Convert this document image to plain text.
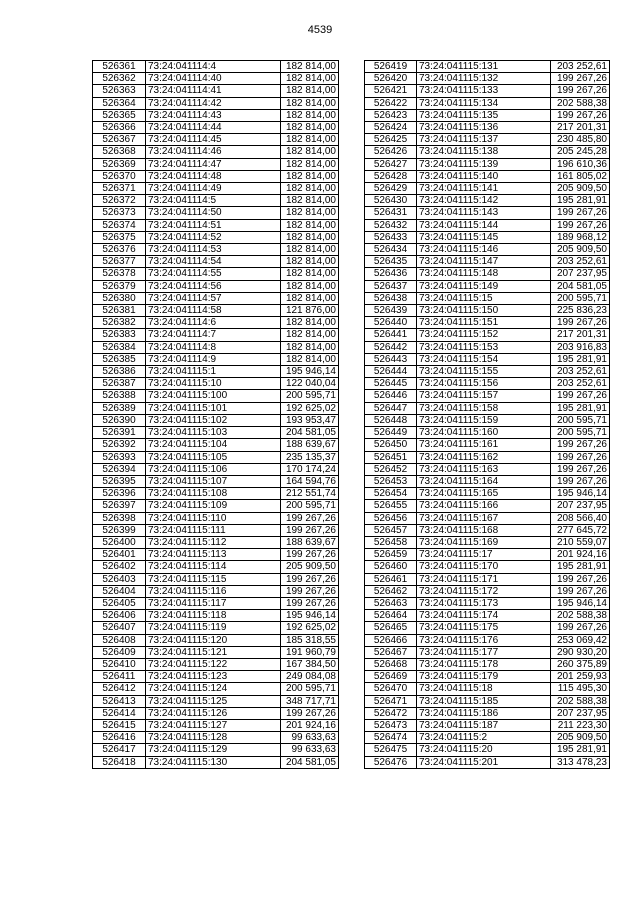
4539
526361	73:24:041114:4	182 814,00
526362	73:24:041114:40	182 814,00
526363	73:24:041114:41	182 814,00
526364	73:24:041114:42	182 814,00
526365	73:24:041114:43	182 814,00
526366	73:24:041114:44	182 814,00
526367	73:24:041114:45	182 814,00
526368	73:24:041114:46	182 814,00
526369	73:24:041114:47	182 814,00
526370	73:24:041114:48	182 814,00
526371	73:24:041114:49	182 814,00
526372	73:24:041114:5	182 814,00
526373	73:24:041114:50	182 814,00
526374	73:24:041114:51	182 814,00
526375	73:24:041114:52	182 814,00
526376	73:24:041114:53	182 814,00
526377	73:24:041114:54	182 814,00
526378	73:24:041114:55	182 814,00
526379	73:24:041114:56	182 814,00
526380	73:24:041114:57	182 814,00
526381	73:24:041114:58	121 876,00
526382	73:24:041114:6	182 814,00
526383	73:24:041114:7	182 814,00
526384	73:24:041114:8	182 814,00
526385	73:24:041114:9	182 814,00
526386	73:24:041115:1	195 946,14
526387	73:24:041115:10	122 040,04
526388	73:24:041115:100	200 595,71
526389	73:24:041115:101	192 625,02
526390	73:24:041115:102	193 953,47
526391	73:24:041115:103	204 581,05
526392	73:24:041115:104	188 639,67
526393	73:24:041115:105	235 135,37
526394	73:24:041115:106	170 174,24
526395	73:24:041115:107	164 594,76
526396	73:24:041115:108	212 551,74
526397	73:24:041115:109	200 595,71
526398	73:24:041115:110	199 267,26
526399	73:24:041115:111	199 267,26
526400	73:24:041115:112	188 639,67
526401	73:24:041115:113	199 267,26
526402	73:24:041115:114	205 909,50
526403	73:24:041115:115	199 267,26
526404	73:24:041115:116	199 267,26
526405	73:24:041115:117	199 267,26
526406	73:24:041115:118	195 946,14
526407	73:24:041115:119	192 625,02
526408	73:24:041115:120	185 318,55
526409	73:24:041115:121	191 960,79
526410	73:24:041115:122	167 384,50
526411	73:24:041115:123	249 084,08
526412	73:24:041115:124	200 595,71
526413	73:24:041115:125	348 717,71
526414	73:24:041115:126	199 267,26
526415	73:24:041115:127	201 924,16
526416	73:24:041115:128	99 633,63
526417	73:24:041115:129	99 633,63
526418	73:24:041115:130	204 581,05
526419	73:24:041115:131	203 252,61
526420	73:24:041115:132	199 267,26
526421	73:24:041115:133	199 267,26
526422	73:24:041115:134	202 588,38
526423	73:24:041115:135	199 267,26
526424	73:24:041115:136	217 201,31
526425	73:24:041115:137	230 485,80
526426	73:24:041115:138	205 245,28
526427	73:24:041115:139	196 610,36
526428	73:24:041115:140	161 805,02
526429	73:24:041115:141	205 909,50
526430	73:24:041115:142	195 281,91
526431	73:24:041115:143	199 267,26
526432	73:24:041115:144	199 267,26
526433	73:24:041115:145	189 968,12
526434	73:24:041115:146	205 909,50
526435	73:24:041115:147	203 252,61
526436	73:24:041115:148	207 237,95
526437	73:24:041115:149	204 581,05
526438	73:24:041115:15	200 595,71
526439	73:24:041115:150	225 836,23
526440	73:24:041115:151	199 267,26
526441	73:24:041115:152	217 201,31
526442	73:24:041115:153	203 916,83
526443	73:24:041115:154	195 281,91
526444	73:24:041115:155	203 252,61
526445	73:24:041115:156	203 252,61
526446	73:24:041115:157	199 267,26
526447	73:24:041115:158	195 281,91
526448	73:24:041115:159	200 595,71
526449	73:24:041115:160	200 595,71
526450	73:24:041115:161	199 267,26
526451	73:24:041115:162	199 267,26
526452	73:24:041115:163	199 267,26
526453	73:24:041115:164	199 267,26
526454	73:24:041115:165	195 946,14
526455	73:24:041115:166	207 237,95
526456	73:24:041115:167	208 566,40
526457	73:24:041115:168	277 645,72
526458	73:24:041115:169	210 559,07
526459	73:24:041115:17	201 924,16
526460	73:24:041115:170	195 281,91
526461	73:24:041115:171	199 267,26
526462	73:24:041115:172	199 267,26
526463	73:24:041115:173	195 946,14
526464	73:24:041115:174	202 588,38
526465	73:24:041115:175	199 267,26
526466	73:24:041115:176	253 069,42
526467	73:24:041115:177	290 930,20
526468	73:24:041115:178	260 375,89
526469	73:24:041115:179	201 259,93
526470	73:24:041115:18	115 495,30
526471	73:24:041115:185	202 588,38
526472	73:24:041115:186	207 237,95
526473	73:24:041115:187	211 223,30
526474	73:24:041115:2	205 909,50
526475	73:24:041115:20	195 281,91
526476	73:24:041115:201	313 478,23
